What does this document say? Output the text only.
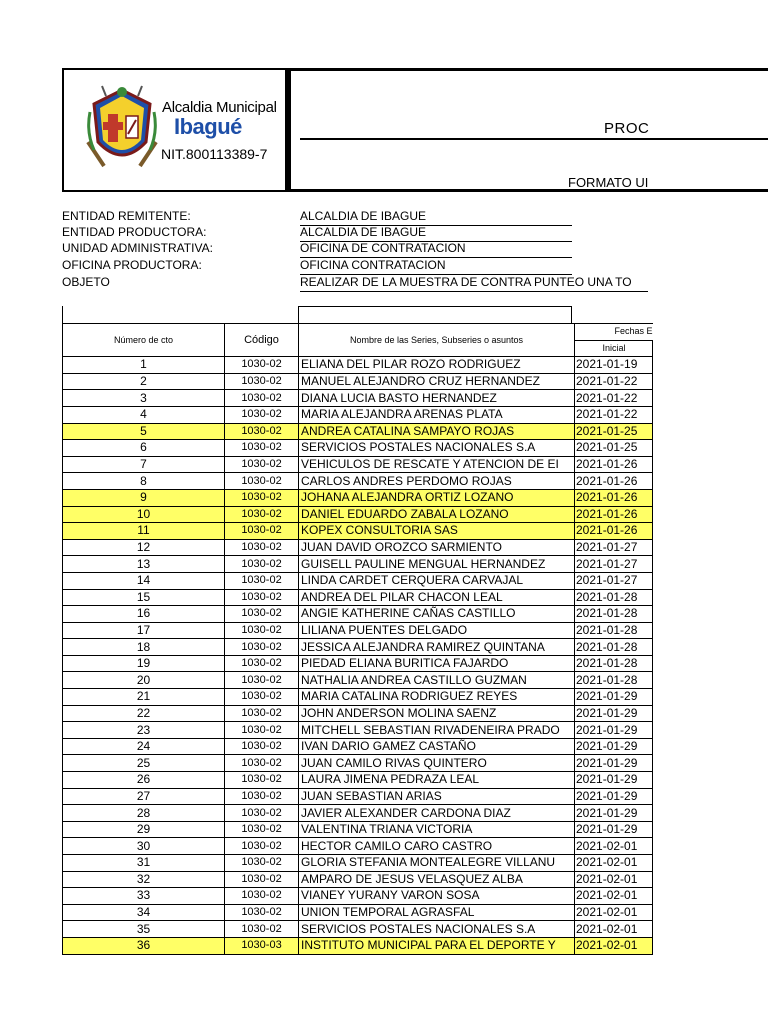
Alcaldia Municipal
Ibagué
NIT.800113389-7
PROC
FORMATO UI
ENTIDAD REMITENTE:	ALCALDIA DE IBAGUE
ENTIDAD PRODUCTORA:	ALCALDIA DE IBAGUE
UNIDAD ADMINISTRATIVA:	OFICINA DE CONTRATACION
OFICINA PRODUCTORA:	OFICINA CONTRATACION
OBJETO	REALIZAR DE LA MUESTRA DE CONTRA PUNTEO UNA TO
Número de cto	Código	Nombre de las Series, Subseries o asuntos	Fechas E
			Inicial
1	1030-02	ELIANA DEL PILAR ROZO RODRIGUEZ	2021-01-19
2	1030-02	MANUEL ALEJANDRO CRUZ HERNANDEZ	2021-01-22
3	1030-02	DIANA LUCIA BASTO HERNANDEZ	2021-01-22
4	1030-02	MARIA ALEJANDRA ARENAS PLATA	2021-01-22
5	1030-02	ANDREA CATALINA SAMPAYO ROJAS	2021-01-25
6	1030-02	SERVICIOS POSTALES NACIONALES S.A	2021-01-25
7	1030-02	VEHICULOS DE RESCATE Y ATENCION DE EI	2021-01-26
8	1030-02	CARLOS ANDRES PERDOMO ROJAS	2021-01-26
9	1030-02	JOHANA ALEJANDRA ORTIZ LOZANO	2021-01-26
10	1030-02	DANIEL EDUARDO ZABALA LOZANO	2021-01-26
11	1030-02	KOPEX CONSULTORIA SAS	2021-01-26
12	1030-02	JUAN DAVID OROZCO SARMIENTO	2021-01-27
13	1030-02	GUISELL PAULINE MENGUAL HERNANDEZ	2021-01-27
14	1030-02	LINDA CARDET CERQUERA CARVAJAL	2021-01-27
15	1030-02	ANDREA DEL PILAR CHACON LEAL	2021-01-28
16	1030-02	ANGIE KATHERINE CAÑAS CASTILLO	2021-01-28
17	1030-02	LILIANA PUENTES DELGADO	2021-01-28
18	1030-02	JESSICA ALEJANDRA RAMIREZ QUINTANA	2021-01-28
19	1030-02	PIEDAD ELIANA BURITICA FAJARDO	2021-01-28
20	1030-02	NATHALIA ANDREA CASTILLO GUZMAN	2021-01-28
21	1030-02	MARIA CATALINA RODRIGUEZ REYES	2021-01-29
22	1030-02	JOHN ANDERSON MOLINA SAENZ	2021-01-29
23	1030-02	MITCHELL SEBASTIAN RIVADENEIRA PRADO	2021-01-29
24	1030-02	IVAN DARIO GAMEZ CASTAÑO	2021-01-29
25	1030-02	JUAN CAMILO RIVAS QUINTERO	2021-01-29
26	1030-02	LAURA JIMENA PEDRAZA LEAL	2021-01-29
27	1030-02	JUAN SEBASTIAN ARIAS	2021-01-29
28	1030-02	JAVIER ALEXANDER CARDONA DIAZ	2021-01-29
29	1030-02	VALENTINA TRIANA VICTORIA	2021-01-29
30	1030-02	HECTOR CAMILO CARO CASTRO	2021-02-01
31	1030-02	GLORIA STEFANIA MONTEALEGRE VILLANU	2021-02-01
32	1030-02	AMPARO DE JESUS VELASQUEZ ALBA	2021-02-01
33	1030-02	VIANEY YURANY VARON SOSA	2021-02-01
34	1030-02	UNION TEMPORAL AGRASFAL	2021-02-01
35	1030-02	SERVICIOS POSTALES NACIONALES S.A	2021-02-01
36	1030-03	INSTITUTO MUNICIPAL PARA EL DEPORTE Y	2021-02-01
